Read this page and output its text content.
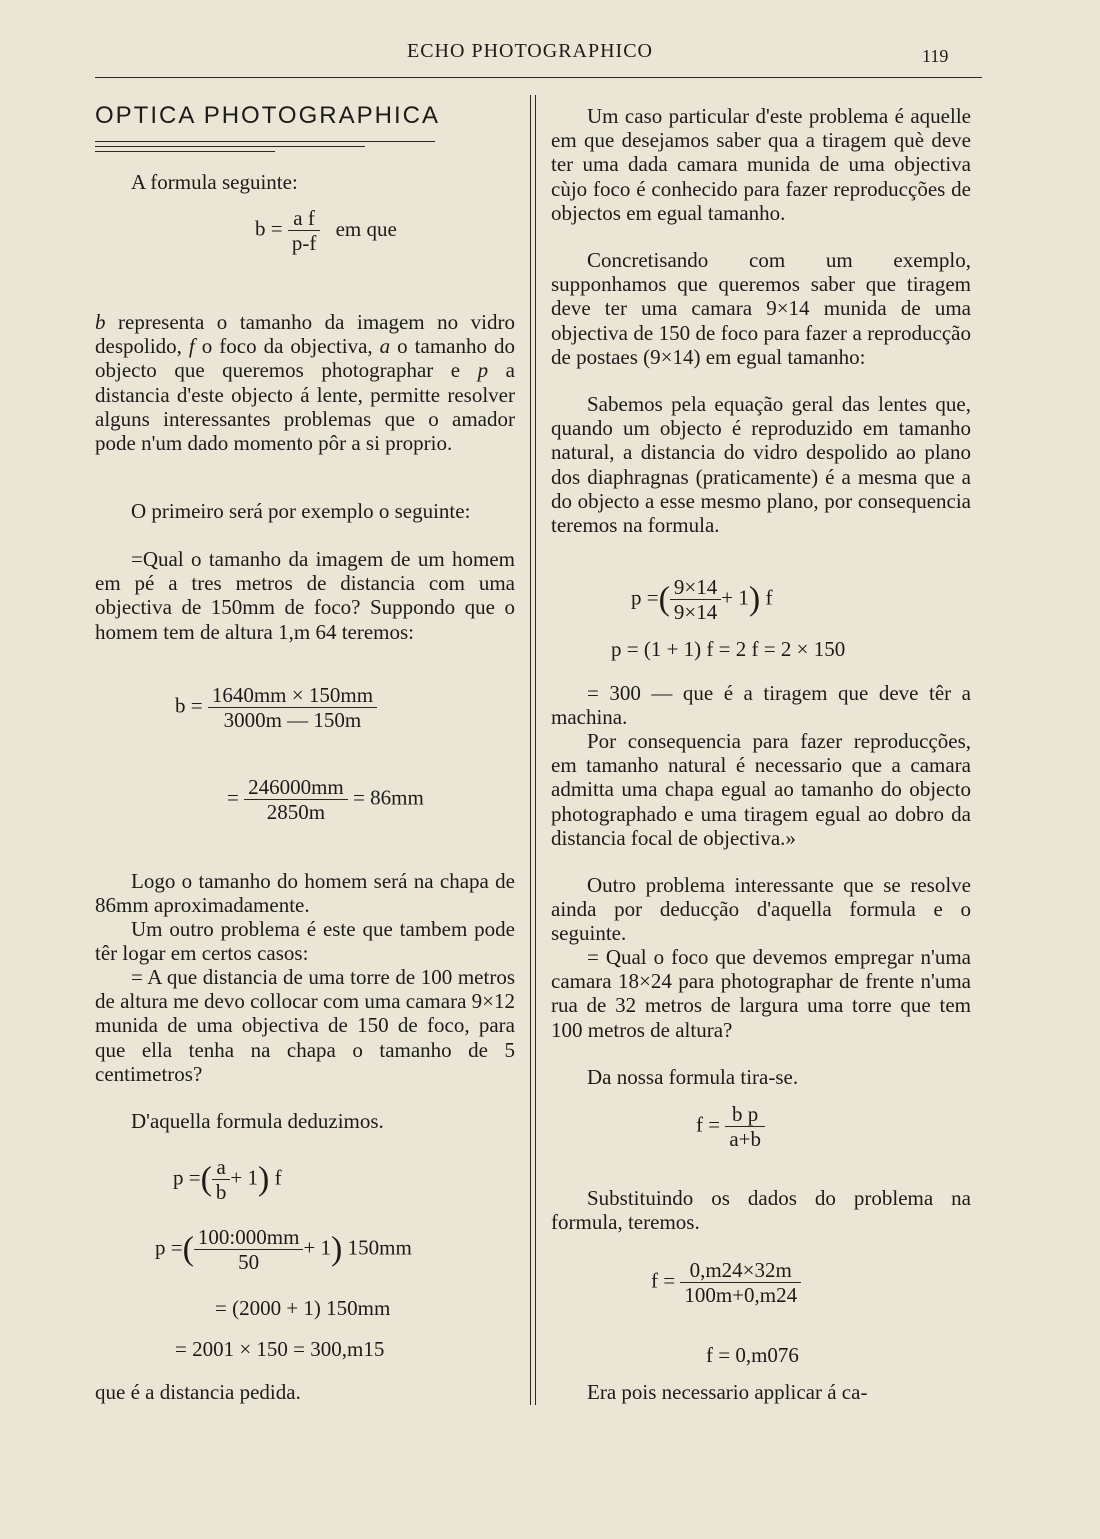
ECHO PHOTOGRAPHICO	119
OPTICA PHOTOGRAPHICA

A formula seguinte:

$b = \frac{\text{a f}}{p-f}$ em que

b representa o tamanho da imagem no vidro despolido, f o foco da objectiva, a o tamanho do objecto que queremos photographar e p a distancia d'este objecto á lente, permitte resolver alguns interessantes problemas que o amador pode n'um dado momento pôr a si proprio.

O primeiro será por exemplo o seguinte:

=Qual o tamanho da imagem de um homem em pé a tres metros de distancia com uma objectiva de 150mm de foco? Suppondo que o homem tem de altura 1,m 64 teremos:

$b = \frac{1640mm \times 150mm}{3000m — 150m}$
= $\frac{246000mm}{2850m} = 86mm$

Logo o tamanho do homem será na chapa de 86mm aproximadamente.

Um outro problema é este que tambem pode têr logar em certos casos:

= A que distancia de uma torre de 100 metros de altura me devo collocar com uma camara 9×12 munida de uma objectiva de 150 de foco, para que ella tenha na chapa o tamanho de 5 centimetros?

D'aquella formula deduzimos.

p =( $\frac{a}{b} + 1$) f
p =( $\frac{100:000mm}{50} + 1$) 150mm
= (2000 + 1) 150mm
= 2001 × 150 = 300,m15

que é a distancia pedida.

Um caso particular d'este problema é aquelle em que desejamos saber qua a tiragem què deve ter uma dada camara munida de uma objectiva cùjo foco é conhecido para fazer reproducções de objectos em egual tamanho.

Concretisando com um exemplo, supponhamos que queremos saber que tiragem deve ter uma camara 9×14 munida de uma objectiva de 150 de foco para fazer a reproducção de postaes (9×14) em egual tamanho:

Sabemos pela equação geral das lentes que, quando um objecto é reproduzido em tamanho natural, a distancia do vidro despolido ao plano dos diaphragnas (praticamente) é a mesma que a do objecto a esse mesmo plano, por consequencia teremos na formula.

p =( $\frac{9\times 14}{9\times 14} + 1$) f
p = (1 + 1) f = 2 f = 2 × 150

= 300 — que é a tiragem que deve têr a machina.

Por consequencia para fazer reproducções, em tamanho natural é necessario que a camara admitta uma chapa egual ao tamanho do objecto photographado e uma tiragem egual ao dobro da distancia focal de objectiva.»

Outro problema interessante que se resolve ainda por deducção d'aquella formula e o seguinte.

= Qual o foco que devemos empregar n'uma camara 18×24 para photographar de frente n'uma rua de 32 metros de largura uma torre que tem 100 metros de altura?

Da nossa formula tira-se.

$f = \frac{\text{b p}}{a+b}$

Substituindo os dados do problema na formula, teremos.

$f = \frac{0,m24\times 32m}{100m+0,m24}$
f = 0,m076

Era pois necessario applicar á ca-
